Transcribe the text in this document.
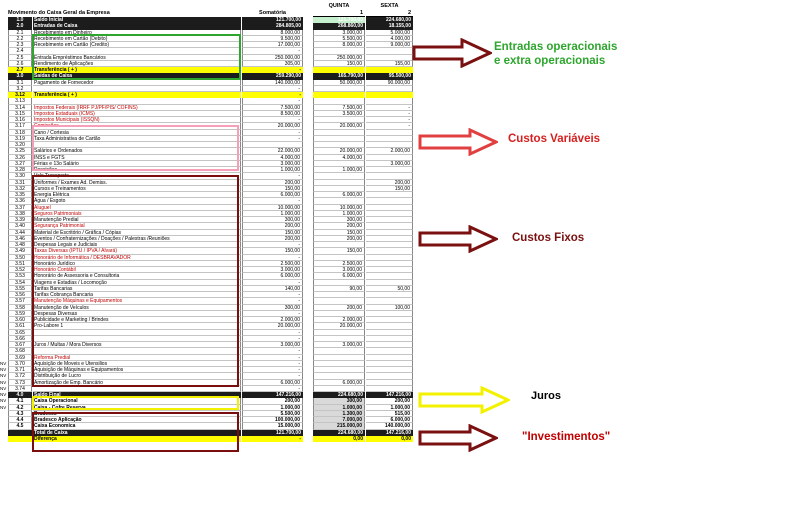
Movimento do Caixa Geral da Empresa	Somatória
QUINTA	SEXTA
1	2
1.0	Saldo Inicial	121.700,00	121.700,00	224.680,00
2.0	Entradas de Caixa	284.805,00	268.860,00	18.155,00
2.1	Recebimento em Dinheiro	8.000,00	3.000,00	5.000,00
2.2	Recebimento em Cartão (Debito)	9.500,00	5.500,00	4.000,00
2.3	Recebimento em Cartão (Credito)	17.000,00	8.000,00	9.000,00
2.4	-
2.5	Entrada Empréstimos Bancários	250.000,00	250.000,00
2.6	Rendimento de Aplicações	305,00	150,00	155,00
2.7	Transferência ( + )	-
3.0	Saídas de Caixa	259.290,00	165.790,00	95.500,00
3.1	Pagamento de Fornecedor	140.000,00	50.000,00	90.000,00
3.2	-
3.12	Transferência ( + )	-
3.13	-
3.14	Impostos Federais (IRRF PJ/PF/PIS/ COFINS)	7.500,00	7.500,00	-
3.15	Impostos Estaduais (ICMS)	8.500,00	3.500,00	-
3.16	Impostos Municipais (ISSQN)	-	-
3.17	Comissões	20.000,00	20.000,00	-
3.18	Cano / Cortesia	-
3.19	Taxa Administrativa de Cartão	-
3.20
3.25	Salários e Ordenados	22.000,00	20.000,00	2.000,00
3.26	INSS e FGTS	4.000,00	4.000,00
3.27	Férias e 13o Salário	3.000,00	3.000,00
3.28	Rescisões	1.000,00	1.000,00
3.30	Vale Transporte	-
3.31	Uniformes / Exames Ad. Demiss.	200,00	200,00
3.32	Cursos e Treinamentos	150,00	150,00
3.35	Energia Elétrica	6.000,00	6.000,00
3.36	Água / Esgoto	-
3.37	Aluguel	10.000,00	10.000,00
3.38	Seguros Patrimoniais	1.000,00	1.000,00
3.39	Manutenção Predial	300,00	300,00
3.40	Segurança Patrimonial	200,00	200,00
3.44	Material de Escritório / Gráfica / Cópias	150,00	150,00
3.46	Eventos / Confraternizações / Doações / Palestras /Reuniões	200,00	200,00
3.48	Despesas Legais e Judiciais	-
3.49	Taxas Diversas (IPTU / IPVA / Alvará)	150,00	150,00
3.50	Honorário de Informática / DESBRAVADOR	-
3.51	Honorário Jurídico	2.500,00	2.500,00
3.52	Honorário Contábil	3.000,00	3.000,00
3.53	Honorário de Assessoria e Consultoria	6.000,00	6.000,00
3.54	Viagens e Estadias / Locomoção	-
3.55	Tarifas Bancarias	140,00	90,00	50,00
3.56	Tarifas Cobrança Bancaria	-
3.57	Manutenção Máquinas e Equipamentos	-
3.58	Manutenção de Veículos	300,00	200,00	100,00
3.59	Despesas Diversas	-
3.60	Publicidade e Marketing / Brindes	2.000,00	2.000,00
3.61	Pro-Labore 1	20.000,00	20.000,00
3.65	-
3.66	-
3.67	Juros / Multas / Mora Diversos	3.000,00	3.000,00
3.68	-
3.69	Reforma Predial	-
3.70	Aquisição de Moveis e Utensilios	-
3.71	Aquisição de Máquinas e Equipamentos	-
3.72	Distribuição de Lucro	-
3.73	Amortização de Emp. Bancário	6.000,00	6.000,00
3.74	-
4.0	Saldo Final	147.216,00	224.680,00	147.216,00
4.1	Caixa Operacional	200,00	300,00	200,00
4.2	Caixa - Cofre Reserva	1.000,00	1.000,00	1.000,00
4.3	Bradesco	5.500,00	1.300,00	515,00
4.4	Bradesco Aplicação	100.000,00	7.000,00	6.000,00
4.5	Caixa Economica	15.000,00	215.000,00	140.000,00
Total de Caixa	121.700,00	224.680,00	147.216,00
Diferença	-	0,00	0,00
NV
NV
NV
NV
NV
NV
NV
NV
Entradas operacionais
e extra operacionais
Custos Variáveis
Custos Fixos
Juros
"Investimentos"
